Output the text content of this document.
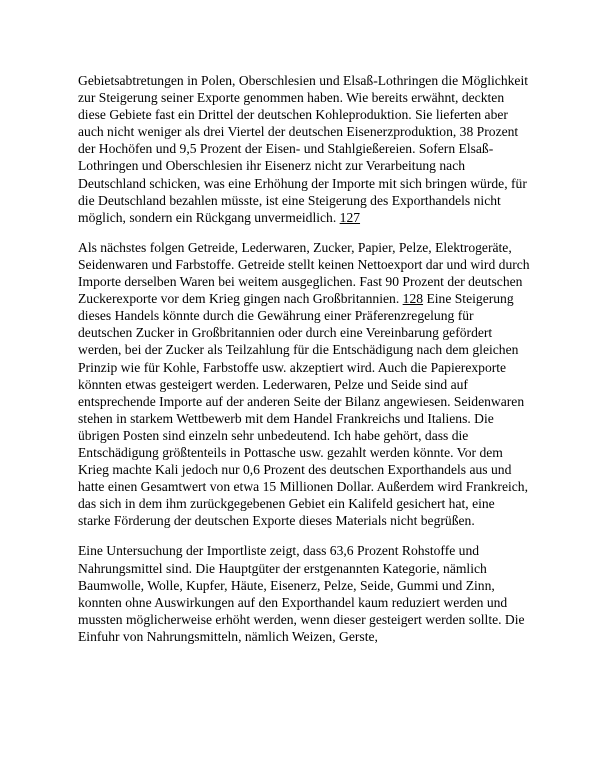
Gebietsabtretungen in Polen, Oberschlesien und Elsaß-Lothringen die Möglichkeit zur Steigerung seiner Exporte genommen haben. Wie bereits erwähnt, deckten diese Gebiete fast ein Drittel der deutschen Kohleproduktion. Sie lieferten aber auch nicht weniger als drei Viertel der deutschen Eisenerzproduktion, 38 Prozent der Hochöfen und 9,5 Prozent der Eisen- und Stahlgießereien. Sofern Elsaß-Lothringen und Oberschlesien ihr Eisenerz nicht zur Verarbeitung nach Deutschland schicken, was eine Erhöhung der Importe mit sich bringen würde, für die Deutschland bezahlen müsste, ist eine Steigerung des Exporthandels nicht möglich, sondern ein Rückgang unvermeidlich. 127

Als nächstes folgen Getreide, Lederwaren, Zucker, Papier, Pelze, Elektrogeräte, Seidenwaren und Farbstoffe. Getreide stellt keinen Nettoexport dar und wird durch Importe derselben Waren bei weitem ausgeglichen. Fast 90 Prozent der deutschen Zuckerexporte vor dem Krieg gingen nach Großbritannien. 128 Eine Steigerung dieses Handels könnte durch die Gewährung einer Präferenzregelung für deutschen Zucker in Großbritannien oder durch eine Vereinbarung gefördert werden, bei der Zucker als Teilzahlung für die Entschädigung nach dem gleichen Prinzip wie für Kohle, Farbstoffe usw. akzeptiert wird. Auch die Papierexporte könnten etwas gesteigert werden. Lederwaren, Pelze und Seide sind auf entsprechende Importe auf der anderen Seite der Bilanz angewiesen. Seidenwaren stehen in starkem Wettbewerb mit dem Handel Frankreichs und Italiens. Die übrigen Posten sind einzeln sehr unbedeutend. Ich habe gehört, dass die Entschädigung größtenteils in Pottasche usw. gezahlt werden könnte. Vor dem Krieg machte Kali jedoch nur 0,6 Prozent des deutschen Exporthandels aus und hatte einen Gesamtwert von etwa 15 Millionen Dollar. Außerdem wird Frankreich, das sich in dem ihm zurückgegebenen Gebiet ein Kalifeld gesichert hat, eine starke Förderung der deutschen Exporte dieses Materials nicht begrüßen.

Eine Untersuchung der Importliste zeigt, dass 63,6 Prozent Rohstoffe und Nahrungsmittel sind. Die Hauptgüter der erstgenannten Kategorie, nämlich Baumwolle, Wolle, Kupfer, Häute, Eisenerz, Pelze, Seide, Gummi und Zinn, konnten ohne Auswirkungen auf den Exporthandel kaum reduziert werden und mussten möglicherweise erhöht werden, wenn dieser gesteigert werden sollte. Die Einfuhr von Nahrungsmitteln, nämlich Weizen, Gerste,
